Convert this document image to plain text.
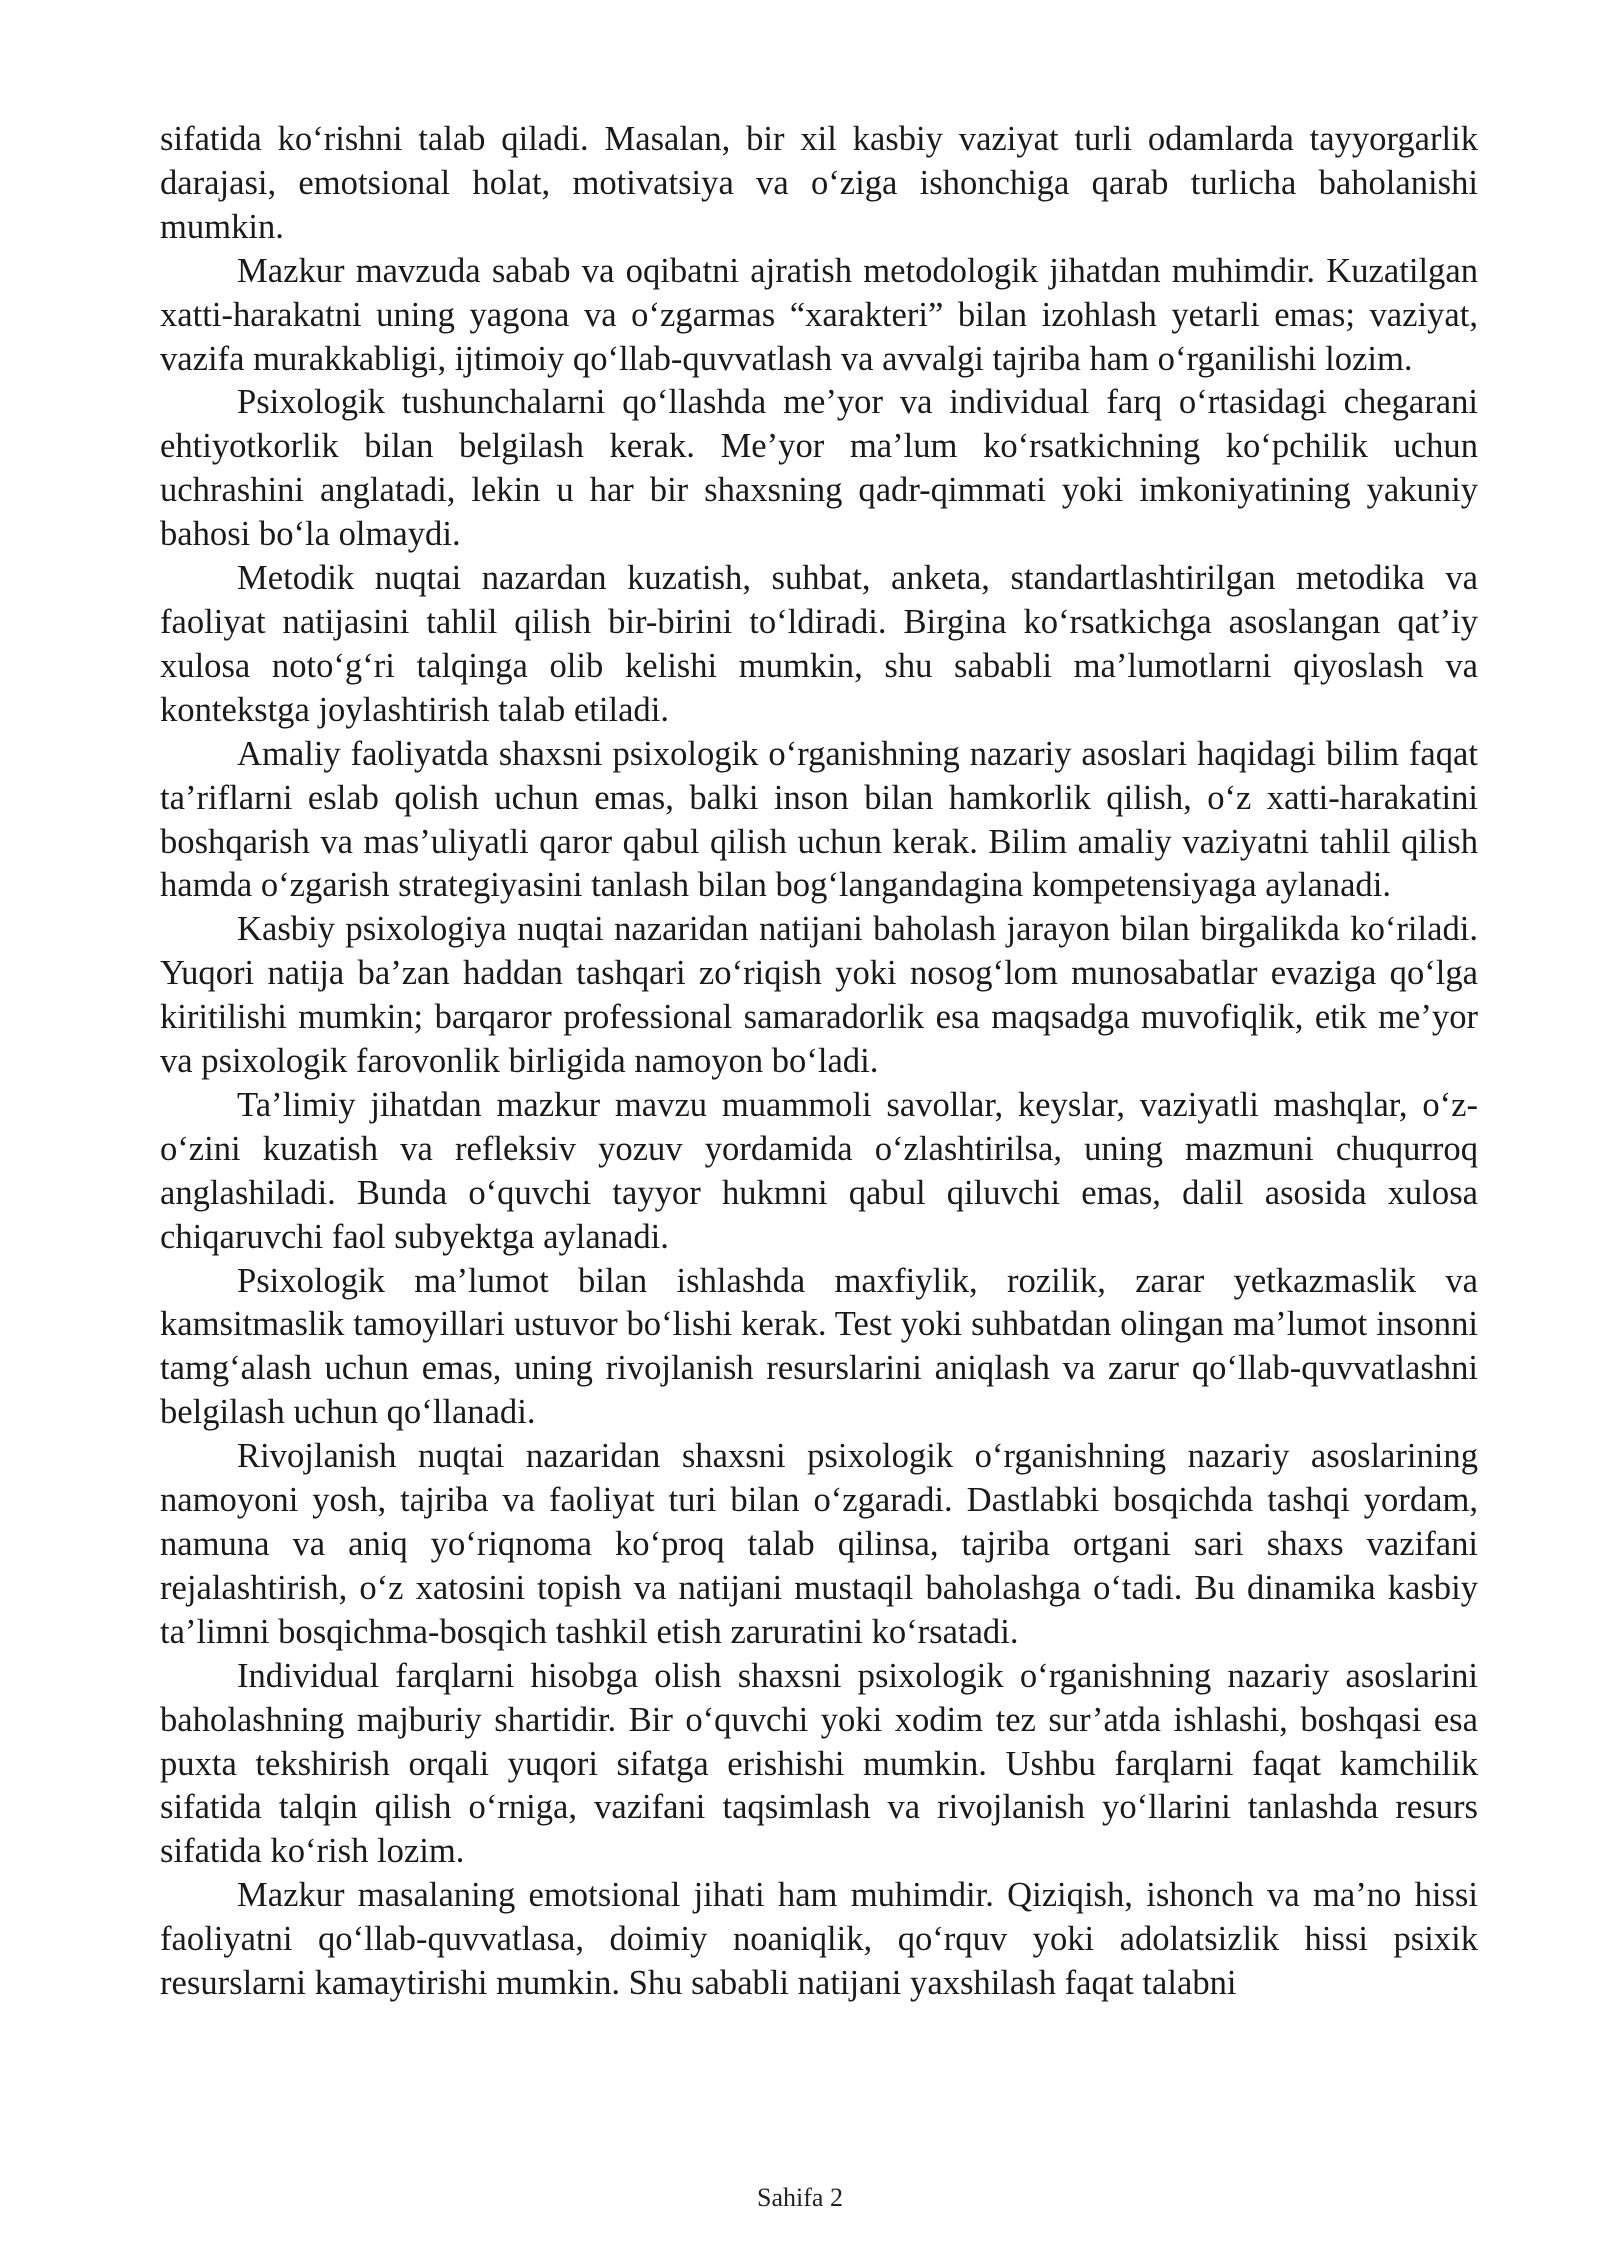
sifatida ko‘rishni talab qiladi. Masalan, bir xil kasbiy vaziyat turli odamlarda tayyorgarlik darajasi, emotsional holat, motivatsiya va o‘ziga ishonchiga qarab turlicha baholanishi mumkin.

Mazkur mavzuda sabab va oqibatni ajratish metodologik jihatdan muhimdir. Kuzatilgan xatti-harakatni uning yagona va o‘zgarmas “xarakteri” bilan izohlash yetarli emas; vaziyat, vazifa murakkabligi, ijtimoiy qo‘llab-quvvatlash va avvalgi tajriba ham o‘rganilishi lozim.

Psixologik tushunchalarni qo‘llashda me’yor va individual farq o‘rtasidagi chegarani ehtiyotkorlik bilan belgilash kerak. Me’yor ma’lum ko‘rsatkichning ko‘pchilik uchun uchrashini anglatadi, lekin u har bir shaxsning qadr-qimmati yoki imkoniyatining yakuniy bahosi bo‘la olmaydi.

Metodik nuqtai nazardan kuzatish, suhbat, anketa, standartlashtirilgan metodika va faoliyat natijasini tahlil qilish bir-birini to‘ldiradi. Birgina ko‘rsatkichga asoslangan qat’iy xulosa noto‘g‘ri talqinga olib kelishi mumkin, shu sababli ma’lumotlarni qiyoslash va kontekstga joylashtirish talab etiladi.

Amaliy faoliyatda shaxsni psixologik o‘rganishning nazariy asoslari haqidagi bilim faqat ta’riflarni eslab qolish uchun emas, balki inson bilan hamkorlik qilish, o‘z xatti-harakatini boshqarish va mas’uliyatli qaror qabul qilish uchun kerak. Bilim amaliy vaziyatni tahlil qilish hamda o‘zgarish strategiyasini tanlash bilan bog‘langandagina kompetensiyaga aylanadi.

Kasbiy psixologiya nuqtai nazaridan natijani baholash jarayon bilan birgalikda ko‘riladi. Yuqori natija ba’zan haddan tashqari zo‘riqish yoki nosog‘lom munosabatlar evaziga qo‘lga kiritilishi mumkin; barqaror professional samaradorlik esa maqsadga muvofiqlik, etik me’yor va psixologik farovonlik birligida namoyon bo‘ladi.

Ta’limiy jihatdan mazkur mavzu muammoli savollar, keyslar, vaziyatli mashqlar, o‘z-o‘zini kuzatish va refleksiv yozuv yordamida o‘zlashtirilsa, uning mazmuni chuqurroq anglashiladi. Bunda o‘quvchi tayyor hukmni qabul qiluvchi emas, dalil asosida xulosa chiqaruvchi faol subyektga aylanadi.

Psixologik ma’lumot bilan ishlashda maxfiylik, rozilik, zarar yetkazmaslik va kamsitmaslik tamoyillari ustuvor bo‘lishi kerak. Test yoki suhbatdan olingan ma’lumot insonni tamg‘alash uchun emas, uning rivojlanish resurslarini aniqlash va zarur qo‘llab-quvvatlashni belgilash uchun qo‘llanadi.

Rivojlanish nuqtai nazaridan shaxsni psixologik o‘rganishning nazariy asoslarining namoyoni yosh, tajriba va faoliyat turi bilan o‘zgaradi. Dastlabki bosqichda tashqi yordam, namuna va aniq yo‘riqnoma ko‘proq talab qilinsa, tajriba ortgani sari shaxs vazifani rejalashtirish, o‘z xatosini topish va natijani mustaqil baholashga o‘tadi. Bu dinamika kasbiy ta’limni bosqichma-bosqich tashkil etish zaruratini ko‘rsatadi.

Individual farqlarni hisobga olish shaxsni psixologik o‘rganishning nazariy asoslarini baholashning majburiy shartidir. Bir o‘quvchi yoki xodim tez sur’atda ishlashi, boshqasi esa puxta tekshirish orqali yuqori sifatga erishishi mumkin. Ushbu farqlarni faqat kamchilik sifatida talqin qilish o‘rniga, vazifani taqsimlash va rivojlanish yo‘llarini tanlashda resurs sifatida ko‘rish lozim.

Mazkur masalaning emotsional jihati ham muhimdir. Qiziqish, ishonch va ma’no hissi faoliyatni qo‘llab-quvvatlasa, doimiy noaniqlik, qo‘rquv yoki adolatsizlik hissi psixik resurslarni kamaytirishi mumkin. Shu sababli natijani yaxshilash faqat talabni

Sahifa 2
